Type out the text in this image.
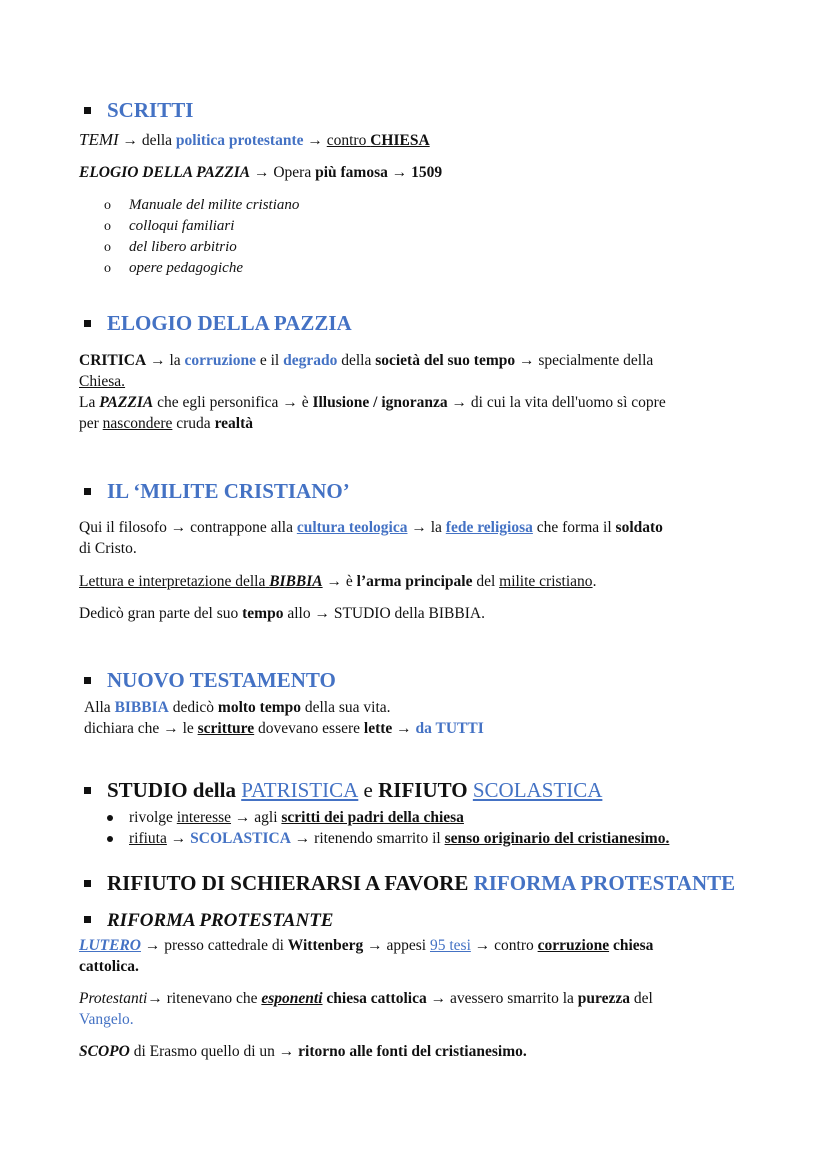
SCRITTI
TEMI → della politica protestante → contro CHIESA
ELOGIO DELLA PAZZIA → Opera più famosa → 1509
o Manuale del milite cristiano
o colloqui familiari
o del libero arbitrio
o opere pedagogiche
ELOGIO DELLA PAZZIA

CRITICA → la corruzione e il degrado della società del suo tempo → specialmente della
Chiesa.

La PAZZIA che egli personifica → è Illusione / ignoranza → di cui la vita dell'uomo sì copre
per nascondere cruda realtà

IL ‘MILITE CRISTIANO’
Qui il filosofo → contrappone alla cultura teologica → la fede religiosa che forma il soldato
di Cristo.
Lettura e interpretazione della BIBBIA → è l’arma principale del milite cristiano.
Dedicò gran parte del suo tempo allo → STUDIO della BIBBIA.
NUOVO TESTAMENTO
Alla BIBBIA dedicò molto tempo della sua vita.
dichiara che → le scritture dovevano essere lette → da TUTTI
STUDIO della PATRISTICA e RIFIUTO SCOLASTICA
rivolge interesse → agli scritti dei padri della chiesa
rifiuta → SCOLASTICA → ritenendo smarrito il senso originario del cristianesimo.
RIFIUTO DI SCHIERARSI A FAVORE RIFORMA PROTESTANTE
RIFORMA PROTESTANTE
LUTERO → presso cattedrale di Wittenberg → appesi 95 tesi → contro corruzione chiesa
cattolica.
Protestanti→ ritenevano che esponenti chiesa cattolica → avessero smarrito la purezza del
Vangelo.
SCOPO di Erasmo quello di un → ritorno alle fonti del cristianesimo.
